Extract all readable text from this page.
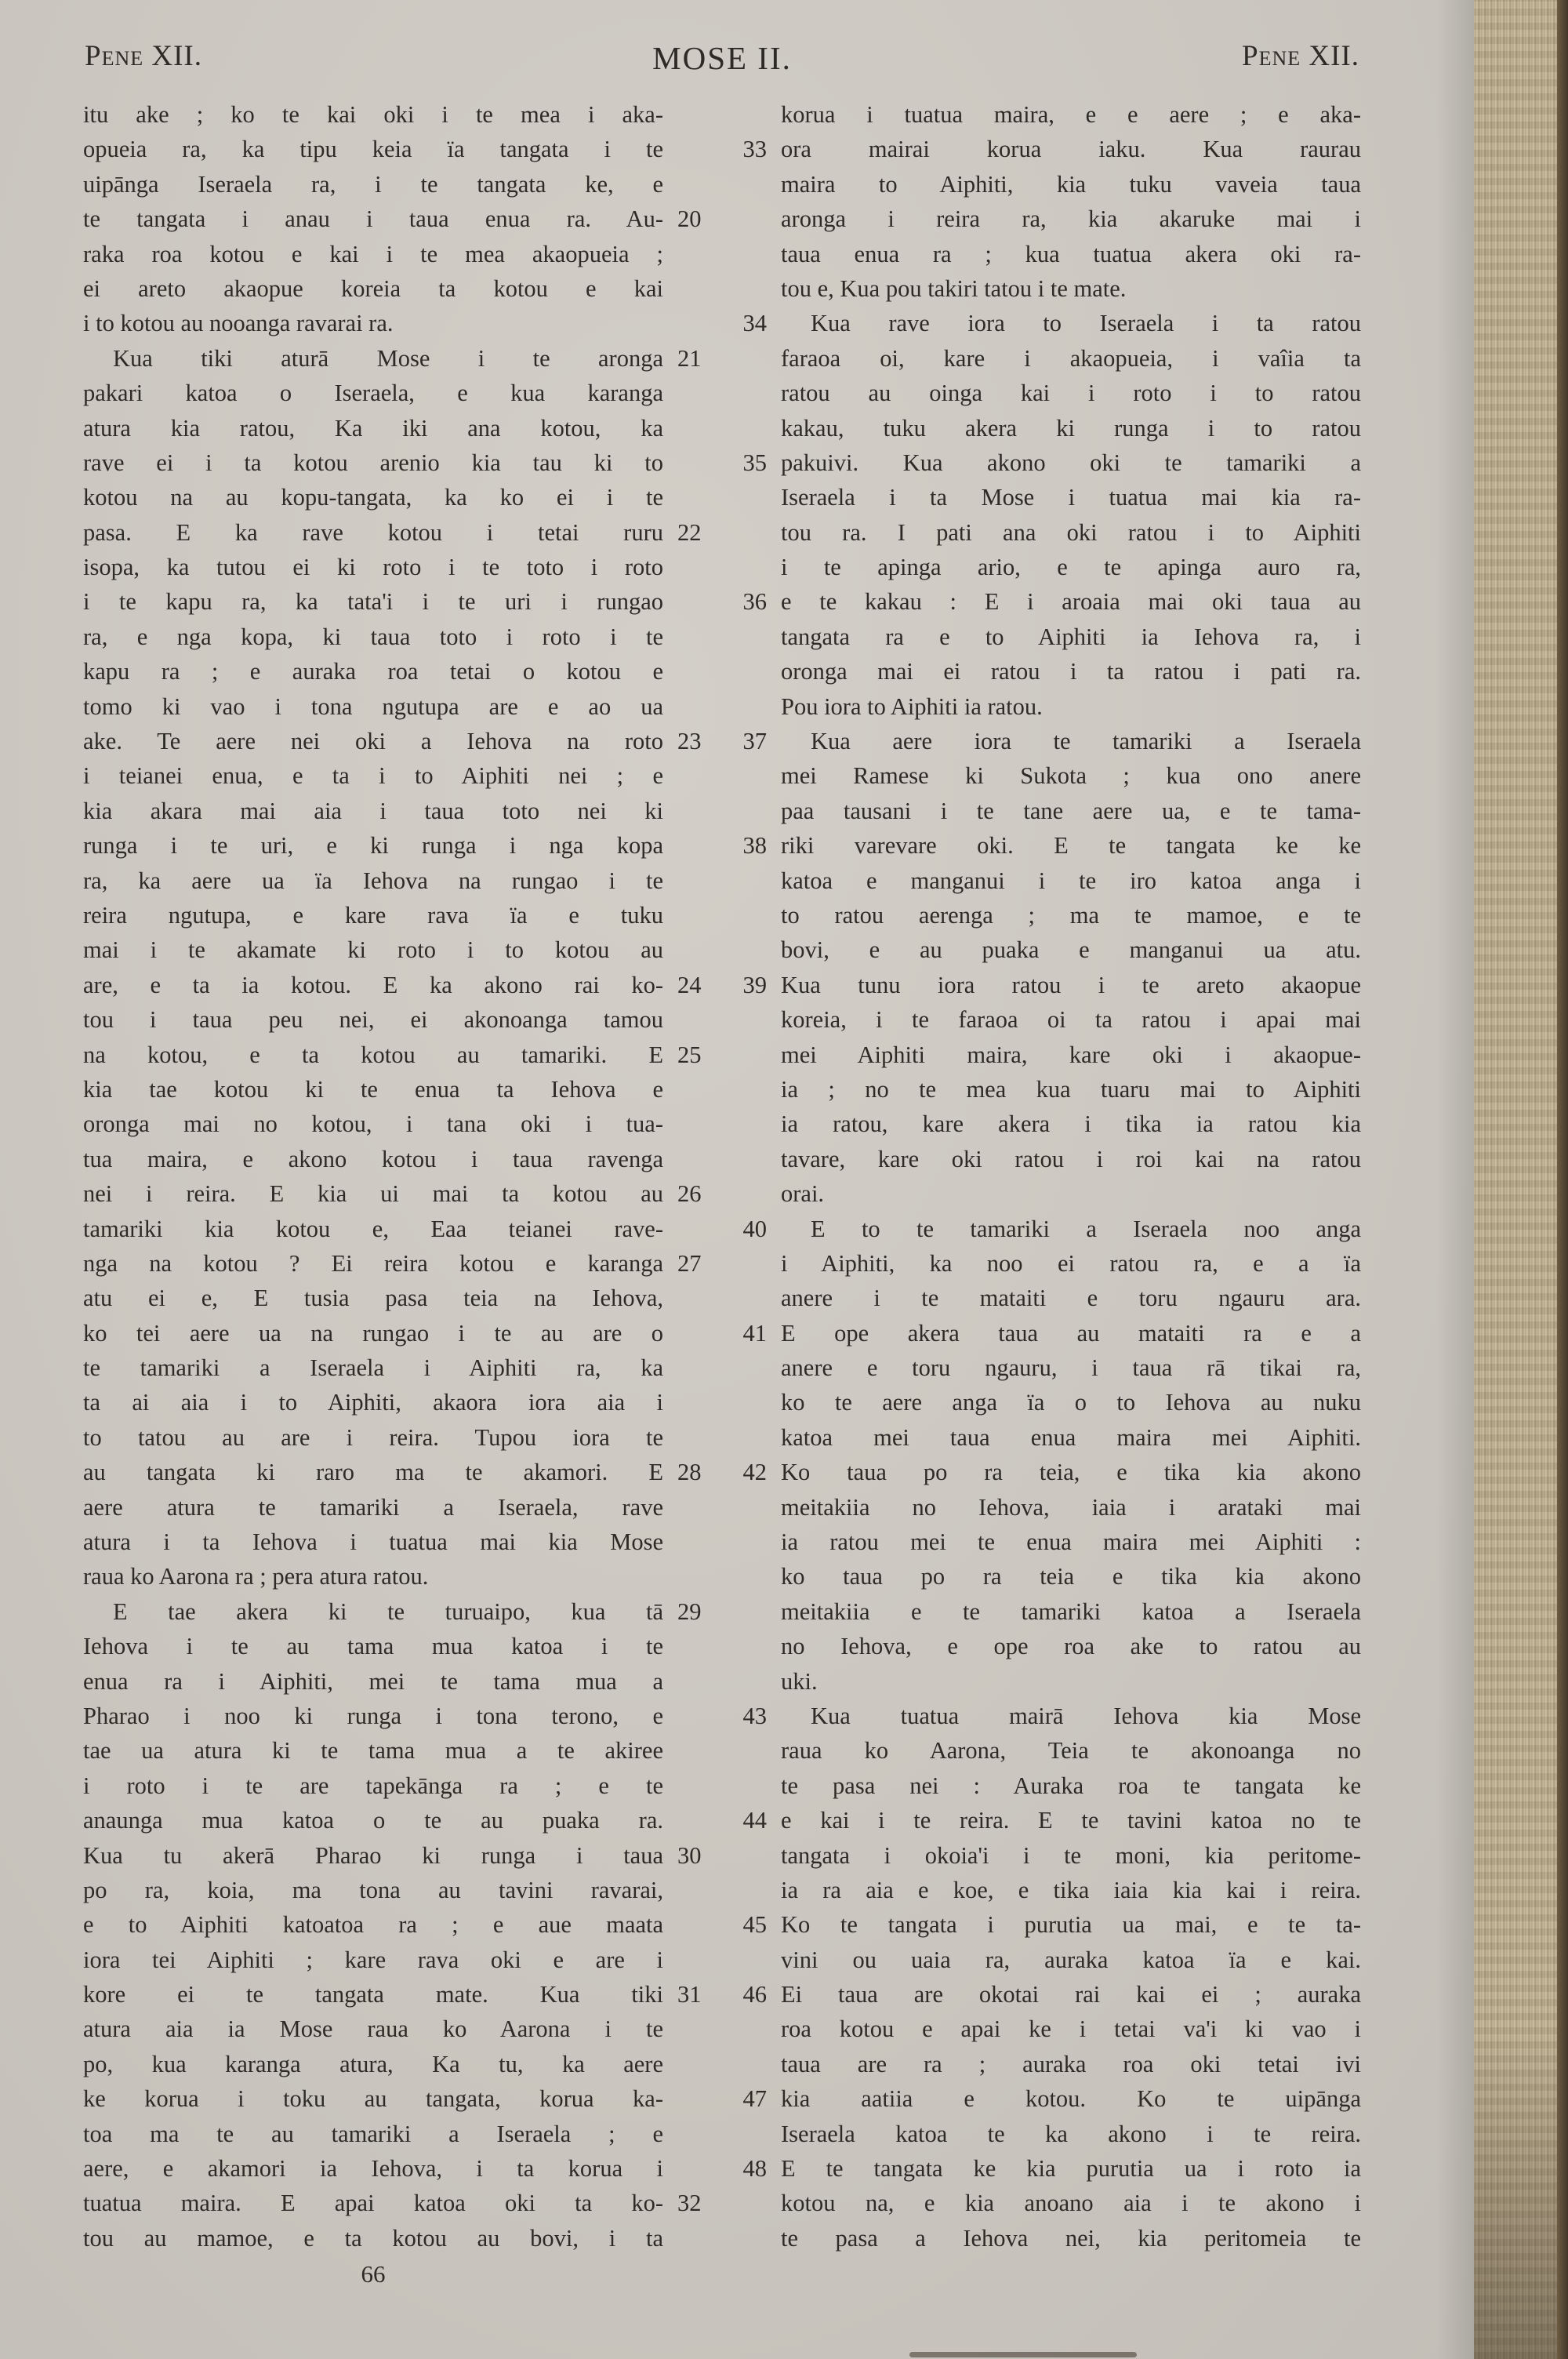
Pene XII.	MOSE II.	Pene XII.
itu ake ; ko te kai oki i te mea i aka-
opueia ra, ka tipu keia ïa tangata i te
uipānga Iseraela ra, i te tangata ke, e
te tangata i anau i taua enua ra. Au- 20
raka roa kotou e kai i te mea akaopueia ;
ei areto akaopue koreia ta kotou e kai
i to kotou au nooanga ravarai ra.
Kua tiki aturā Mose i te aronga 21
pakari katoa o Iseraela, e kua karanga
atura kia ratou, Ka iki ana kotou, ka
rave ei i ta kotou arenio kia tau ki to
kotou na au kopu-tangata, ka ko ei i te
pasa. E ka rave kotou i tetai ruru 22
isopa, ka tutou ei ki roto i te toto i roto
i te kapu ra, ka tata'i i te uri i rungao
ra, e nga kopa, ki taua toto i roto i te
kapu ra ; e auraka roa tetai o kotou e
tomo ki vao i tona ngutupa are e ao ua
ake. Te aere nei oki a Iehova na roto 23
i teianei enua, e ta i to Aiphiti nei ; e
kia akara mai aia i taua toto nei ki
runga i te uri, e ki runga i nga kopa
ra, ka aere ua ïa Iehova na rungao i te
reira ngutupa, e kare rava ïa e tuku
mai i te akamate ki roto i to kotou au
are, e ta ia kotou. E ka akono rai ko- 24
tou i taua peu nei, ei akonoanga tamou
na kotou, e ta kotou au tamariki. E 25
kia tae kotou ki te enua ta Iehova e
oronga mai no kotou, i tana oki i tua-
tua maira, e akono kotou i taua ravenga
nei i reira. E kia ui mai ta kotou au 26
tamariki kia kotou e, Eaa teianei rave-
nga na kotou ? Ei reira kotou e karanga 27
atu ei e, E tusia pasa teia na Iehova,
ko tei aere ua na rungao i te au are o
te tamariki a Iseraela i Aiphiti ra, ka
ta ai aia i to Aiphiti, akaora iora aia i
to tatou au are i reira. Tupou iora te
au tangata ki raro ma te akamori. E 28
aere atura te tamariki a Iseraela, rave
atura i ta Iehova i tuatua mai kia Mose
raua ko Aarona ra ; pera atura ratou.
E tae akera ki te turuaipo, kua tā 29
Iehova i te au tama mua katoa i te
enua ra i Aiphiti, mei te tama mua a
Pharao i noo ki runga i tona terono, e
tae ua atura ki te tama mua a te akiree
i roto i te are tapekānga ra ; e te
anaunga mua katoa o te au puaka ra.
Kua tu akerā Pharao ki runga i taua 30
po ra, koia, ma tona au tavini ravarai,
e to Aiphiti katoatoa ra ; e aue maata
iora tei Aiphiti ; kare rava oki e are i
kore ei te tangata mate. Kua tiki 31
atura aia ia Mose raua ko Aarona i te
po, kua karanga atura, Ka tu, ka aere
ke korua i toku au tangata, korua ka-
toa ma te au tamariki a Iseraela ; e
aere, e akamori ia Iehova, i ta korua i
tuatua maira. E apai katoa oki ta ko- 32
tou au mamoe, e ta kotou au bovi, i ta
66
korua i tuatua maira, e e aere ; e aka-
ora mairai korua iaku. Kua raurau
33
maira to Aiphiti, kia tuku vaveia taua
aronga i reira ra, kia akaruke mai i
taua enua ra ; kua tuatua akera oki ra-
tou e, Kua pou takiri tatou i te mate.
Kua rave iora to Iseraela i ta ratou
34
faraoa oi, kare i akaopueia, i vaîia ta
ratou au oinga kai i roto i to ratou
kakau, tuku akera ki runga i to ratou
pakuivi. Kua akono oki te tamariki a
35
Iseraela i ta Mose i tuatua mai kia ra-
tou ra. I pati ana oki ratou i to Aiphiti
i te apinga ario, e te apinga auro ra,
e te kakau : E i aroaia mai oki taua au
36
tangata ra e to Aiphiti ia Iehova ra, i
oronga mai ei ratou i ta ratou i pati ra.
Pou iora to Aiphiti ia ratou.
Kua aere iora te tamariki a Iseraela
37
mei Ramese ki Sukota ; kua ono anere
paa tausani i te tane aere ua, e te tama-
riki varevare oki. E te tangata ke ke
38
katoa e manganui i te iro katoa anga i
to ratou aerenga ; ma te mamoe, e te
bovi, e au puaka e manganui ua atu.
Kua tunu iora ratou i te areto akaopue
39
koreia, i te faraoa oi ta ratou i apai mai
mei Aiphiti maira, kare oki i akaopue-
ia ; no te mea kua tuaru mai to Aiphiti
ia ratou, kare akera i tika ia ratou kia
tavare, kare oki ratou i roi kai na ratou
orai.
E to te tamariki a Iseraela noo anga
40
i Aiphiti, ka noo ei ratou ra, e a ïa
anere i te mataiti e toru ngauru ara.
E ope akera taua au mataiti ra e a
41
anere e toru ngauru, i taua rā tikai ra,
ko te aere anga ïa o to Iehova au nuku
katoa mei taua enua maira mei Aiphiti.
Ko taua po ra teia, e tika kia akono
42
meitakiia no Iehova, iaia i arataki mai
ia ratou mei te enua maira mei Aiphiti :
ko taua po ra teia e tika kia akono
meitakiia e te tamariki katoa a Iseraela
no Iehova, e ope roa ake to ratou au
uki.
Kua tuatua mairā Iehova kia Mose
43
raua ko Aarona, Teia te akonoanga no
te pasa nei : Auraka roa te tangata ke
e kai i te reira. E te tavini katoa no te
44
tangata i okoia'i i te moni, kia peritome-
ia ra aia e koe, e tika iaia kia kai i reira.
Ko te tangata i purutia ua mai, e te ta-
45
vini ou uaia ra, auraka katoa ïa e kai.
Ei taua are okotai rai kai ei ; auraka
46
roa kotou e apai ke i tetai va'i ki vao i
taua are ra ; auraka roa oki tetai ivi
kia aatiia e kotou. Ko te uipānga
47
Iseraela katoa te ka akono i te reira.
E te tangata ke kia purutia ua i roto ia
48
kotou na, e kia anoano aia i te akono i
te pasa a Iehova nei, kia peritomeia te
